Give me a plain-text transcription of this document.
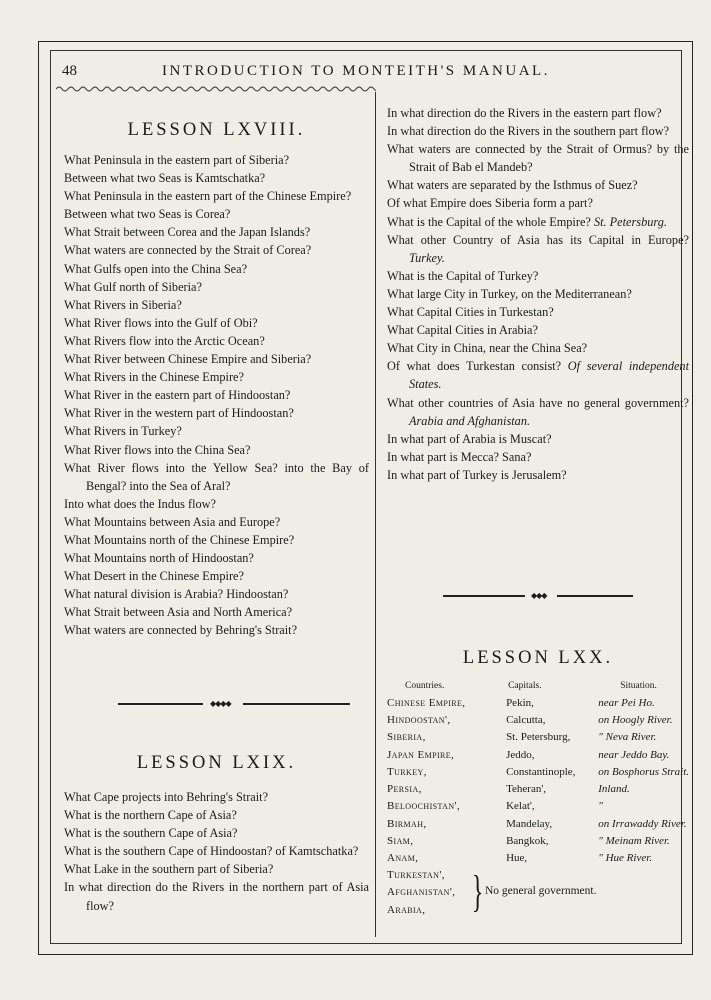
48	INTRODUCTION TO MONTEITH'S MANUAL.
LESSON LXVIII.

What Peninsula in the eastern part of Siberia?

Between what two Seas is Kamtschatka?

What Peninsula in the eastern part of the Chinese Empire?

Between what two Seas is Corea?

What Strait between Corea and the Japan Islands?

What waters are connected by the Strait of Corea?

What Gulfs open into the China Sea?

What Gulf north of Siberia?

What Rivers in Siberia?

What River flows into the Gulf of Obi?

What Rivers flow into the Arctic Ocean?

What River between Chinese Empire and Siberia?

What Rivers in the Chinese Empire?

What River in the eastern part of Hindoostan?

What River in the western part of Hindoostan?

What Rivers in Turkey?

What River flows into the China Sea?

What River flows into the Yellow Sea? into the Bay of Bengal? into the Sea of Aral?

Into what does the Indus flow?

What Mountains between Asia and Europe?

What Mountains north of the Chinese Empire?

What Mountains north of Hindoostan?

What Desert in the Chinese Empire?

What natural division is Arabia? Hindoostan?

What Strait between Asia and North America?

What waters are connected by Behring's Strait?

◆◆◆◆
LESSON LXIX.

What Cape projects into Behring's Strait?

What is the northern Cape of Asia?

What is the southern Cape of Asia?

What is the southern Cape of Hindoostan? of Kamtschatka?

What Lake in the southern part of Siberia?

In what direction do the Rivers in the northern part of Asia flow?

In what direction do the Rivers in the eastern part flow?

In what direction do the Rivers in the southern part flow?

What waters are connected by the Strait of Ormus? by the Strait of Bab el Mandeb?

What waters are separated by the Isthmus of Suez?

Of what Empire does Siberia form a part?

What is the Capital of the whole Empire? St. Petersburg.

What other Country of Asia has its Capital in Europe? Turkey.

What is the Capital of Turkey?

What large City in Turkey, on the Mediterranean?

What Capital Cities in Turkestan?

What Capital Cities in Arabia?

What City in China, near the China Sea?

Of what does Turkestan consist? Of several independent States.

What other countries of Asia have no general government? Arabia and Afghanistan.

In what part of Arabia is Muscat?

In what part is Mecca? Sana?

In what part of Turkey is Jerusalem?

◆◆◆
LESSON LXX.
Countries.	Capitals.	Situation.
Chinese Empire,	Pekin,	near Pei Ho.
Hindoostan',	Calcutta,	on Hoogly River.
Siberia,	St. Petersburg,	" Neva River.
Japan Empire,	Jeddo,	near Jeddo Bay.
Turkey,	Constantinople,	on Bosphorus Strait.
Persia,	Teheran',	Inland.
Beloochistan',	Kelat',	"
Birmah,	Mandelay,	on Irrawaddy River.
Siam,	Bangkok,	" Meinam River.
Anam,	Hue,	" Hue River.
Turkestan',
Afghanistan',
Arabia,	} No general government.
